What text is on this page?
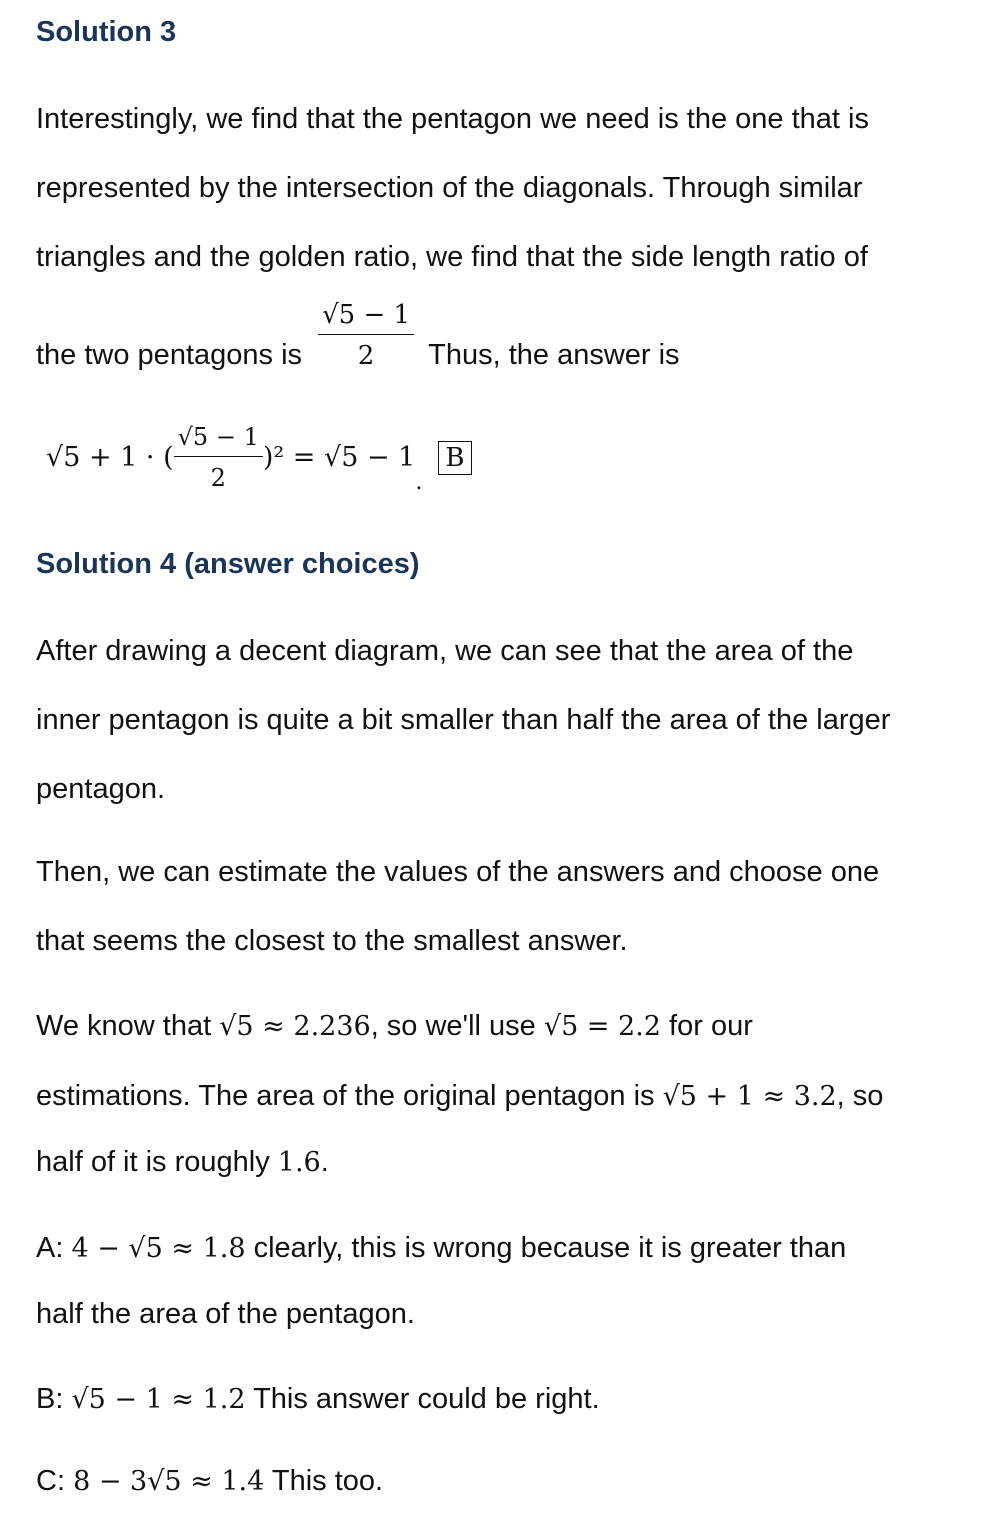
Solution 3
Interestingly, we find that the pentagon we need is the one that is
represented by the intersection of the diagonals. Through similar
triangles and the golden ratio, we find that the side length ratio of
the two pentagons is $\frac{√5 - 1}{2}$ Thus, the answer is
√5 + 1 · ( $\frac{√5 - 1}{2} )^2 = √5 - 1$. B
Solution 4 (answer choices)
After drawing a decent diagram, we can see that the area of the
inner pentagon is quite a bit smaller than half the area of the larger
pentagon.
Then, we can estimate the values of the answers and choose one
that seems the closest to the smallest answer.
We know that √5 ≈ 2.236, so we'll use √5 = 2.2 for our
estimations. The area of the original pentagon is √5 + 1 ≈ 3.2, so
half of it is roughly 1.6.
A: 4 − √5 ≈ 1.8 clearly, this is wrong because it is greater than
half the area of the pentagon.
B: √5 − 1 ≈ 1.2 This answer could be right.
C: 8 − 3√5 ≈ 1.4 This too.
